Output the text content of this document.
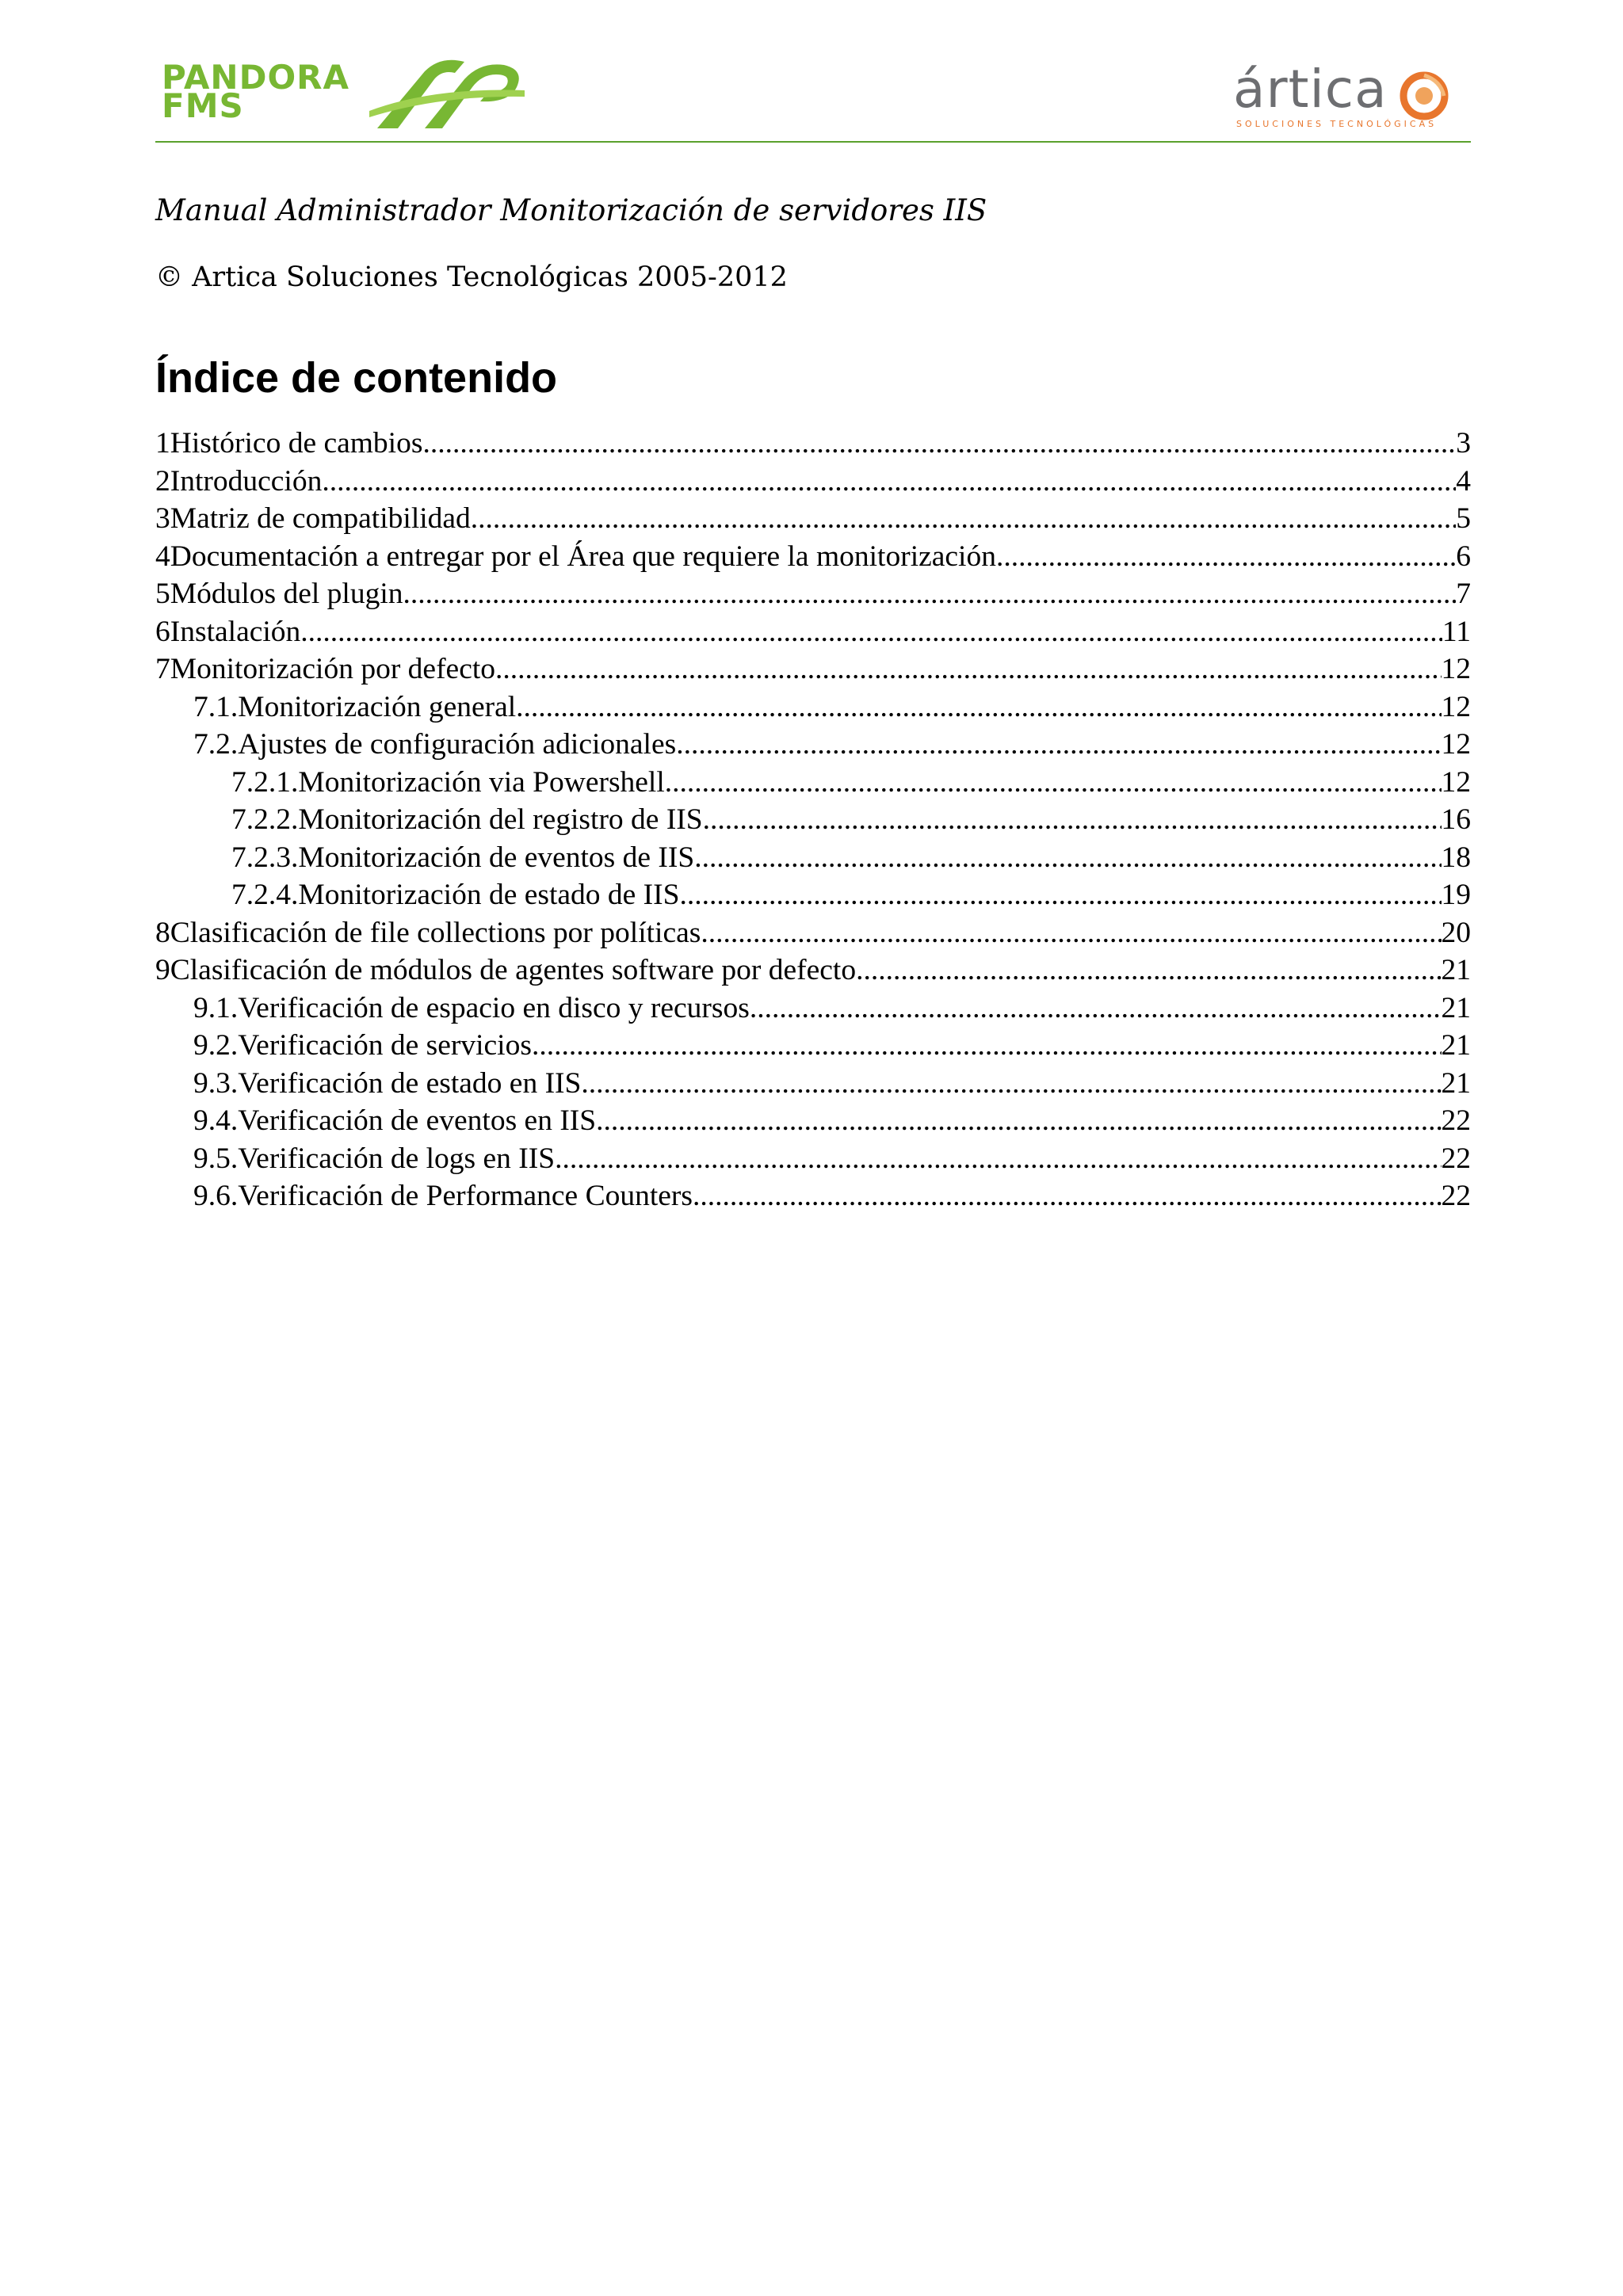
PANDORA
FMS	ártica
SOLUCIONES TECNOLÓGICAS
Manual Administrador Monitorización de servidores IIS
© Artica Soluciones Tecnológicas 2005-2012
Índice de contenido
1 Histórico de cambios .....	3
2 Introducción .....	4
3 Matriz de compatibilidad .....	5
4 Documentación a entregar por el Área que requiere la monitorización. .....	6
5 Módulos del plugin .....	7
6 Instalación .....	11
7 Monitorización por defecto .....	12
7.1. Monitorización general .....	12
7.2. Ajustes de configuración adicionales .....	12
7.2.1. Monitorización via Powershell .....	12
7.2.2. Monitorización del registro de IIS .....	16
7.2.3. Monitorización de eventos de IIS .....	18
7.2.4. Monitorización de estado de IIS .....	19
8 Clasificación de file collections por políticas .....	20
9 Clasificación de módulos de agentes software por defecto .....	21
9.1. Verificación de espacio en disco y recursos .....	21
9.2. Verificación de servicios .....	21
9.3. Verificación de estado en IIS .....	21
9.4. Verificación de eventos en IIS .....	22
9.5. Verificación de logs en IIS .....	22
9.6. Verificación de Performance Counters .....	22
